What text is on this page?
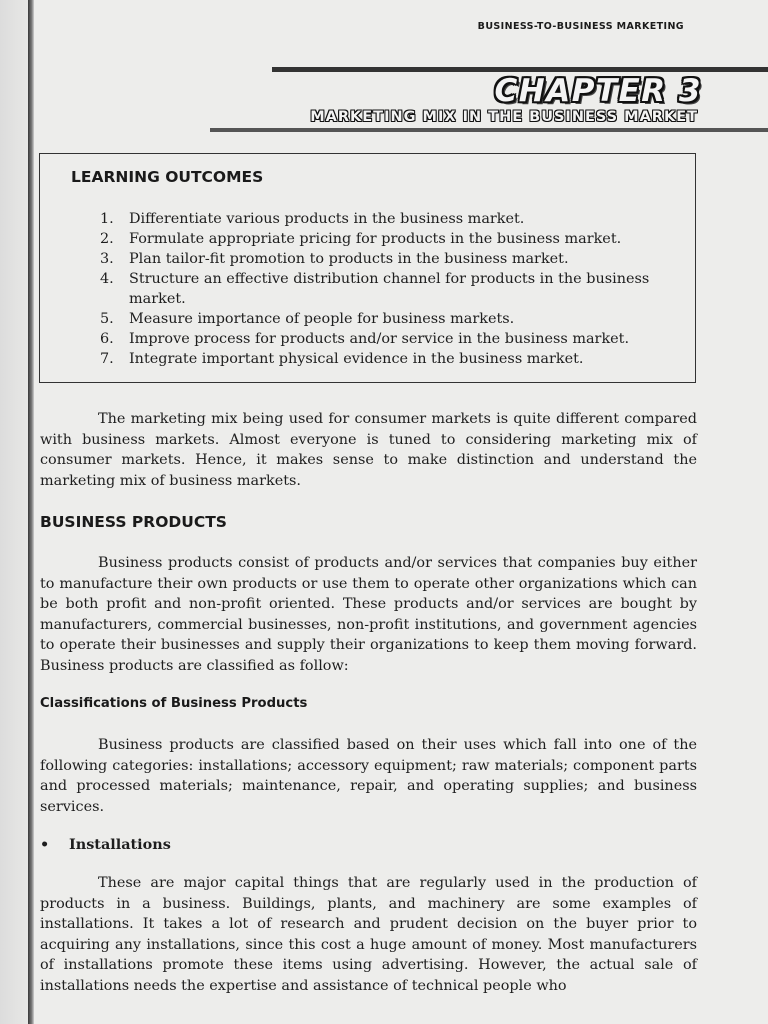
BUSINESS-TO-BUSINESS MARKETING
CHAPTER 3
MARKETING MIX IN THE BUSINESS MARKET
LEARNING OUTCOMES
1. Differentiate various products in the business market.
2. Formulate appropriate pricing for products in the business market.
3. Plan tailor-fit promotion to products in the business market.
4. Structure an effective distribution channel for products in the business market.
5. Measure importance of people for business markets.
6. Improve process for products and/or service in the business market.
7. Integrate important physical evidence in the business market.

The marketing mix being used for consumer markets is quite different compared with business markets. Almost everyone is tuned to considering marketing mix of consumer markets. Hence, it makes sense to make distinction and understand the marketing mix of business markets.

BUSINESS PRODUCTS

Business products consist of products and/or services that companies buy either to manufacture their own products or use them to operate other organizations which can be both profit and non-profit oriented. These products and/or services are bought by manufacturers, commercial businesses, non-profit institutions, and government agencies to operate their businesses and supply their organizations to keep them moving forward. Business products are classified as follow:

Classifications of Business Products

Business products are classified based on their uses which fall into one of the following categories: installations; accessory equipment; raw materials; component parts and processed materials; maintenance, repair, and operating supplies; and business services.

• Installations

These are major capital things that are regularly used in the production of products in a business. Buildings, plants, and machinery are some examples of installations. It takes a lot of research and prudent decision on the buyer prior to acquiring any installations, since this cost a huge amount of money. Most manufacturers of installations promote these items using advertising. However, the actual sale of installations needs the expertise and assistance of technical people who
